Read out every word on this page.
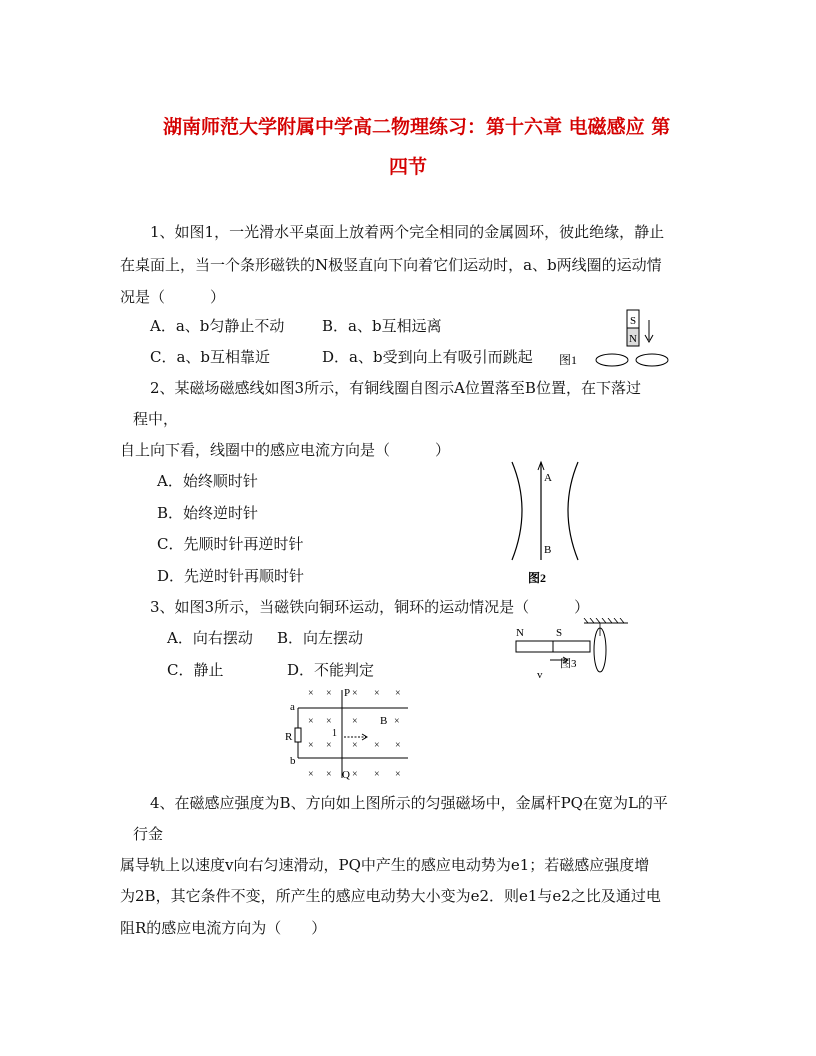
湖南师范大学附属中学高二物理练习：第十六章 电磁感应 第
四节
1、如图1，一光滑水平桌面上放着两个完全相同的金属圆环，彼此绝缘，静止
在桌面上，当一个条形磁铁的N极竖直向下向着它们运动时，a、b两线圈的运动情
况是（　　　）
A．a、b匀静止不动	B．a、b互相远离
C．a、b互相靠近	D．a、b受到向上有吸引而跳起
S
N
图1
2、某磁场磁感线如图3所示，有铜线圈自图示A位置落至B位置，在下落过
程中，
自上向下看，线圈中的感应电流方向是（　　　）
A．始终顺时针
B．始终逆时针
C．先顺时针再逆时针
D．先逆时针再顺时针
A
B
图2
3、如图3所示，当磁铁向铜环运动，铜环的运动情况是（　　　）
A．向右摆动 B．向左摆动
C．静止	D．不能判定
N	S
v
图3
a
R
b
P
Q
1
B
× × × × ×
× × ×	×
× × × × ×
× × × × ×
4、在磁感应强度为B、方向如上图所示的匀强磁场中，金属杆PQ在宽为L的平
行金
属导轨上以速度v向右匀速滑动，PQ中产生的感应电动势为e1；若磁感应强度增
为2B，其它条件不变，所产生的感应电动势大小变为e2．则e1与e2之比及通过电
阻R的感应电流方向为（　　）
